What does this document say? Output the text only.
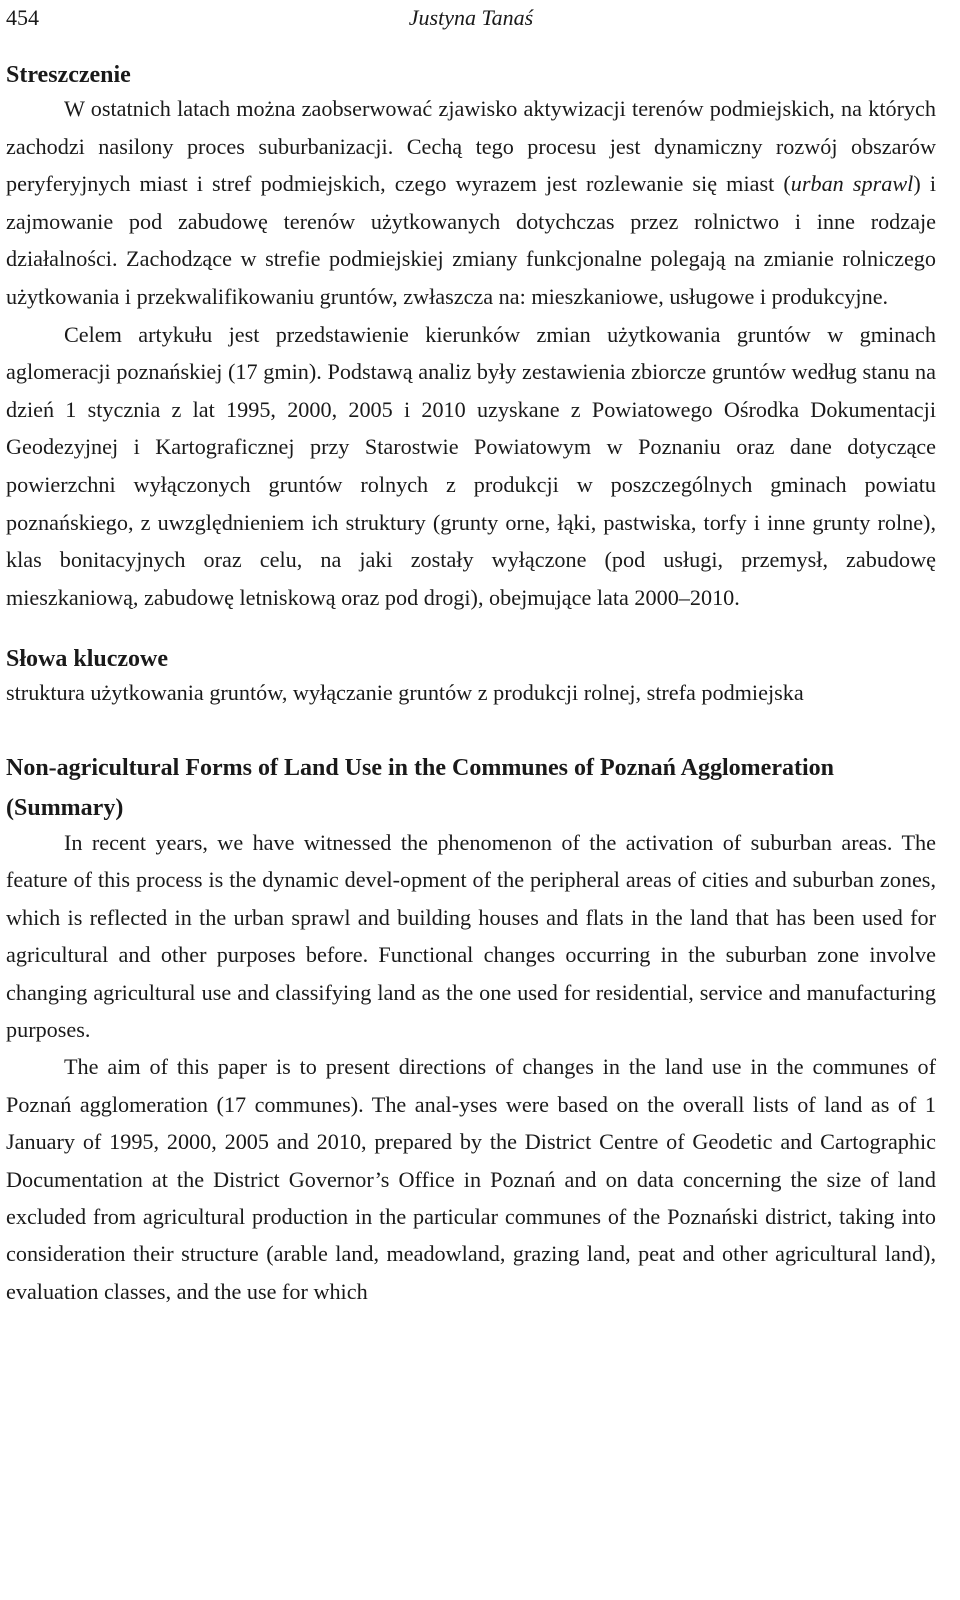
454	Justyna Tanaś
Streszczenie

W ostatnich latach można zaobserwować zjawisko aktywizacji terenów podmiejskich, na których zachodzi nasilony proces suburbanizacji. Cechą tego procesu jest dynamiczny rozwój obszarów peryferyjnych miast i stref podmiejskich, czego wyrazem jest rozlewanie się miast (urban sprawl) i zajmowanie pod zabudowę terenów użytkowanych dotychczas przez rolnictwo i inne rodzaje działalności. Zachodzące w strefie podmiejskiej zmiany funkcjonalne polegają na zmianie rolniczego użytkowania i przekwalifikowaniu gruntów, zwłaszcza na: mieszkaniowe, usługowe i produkcyjne.

Celem artykułu jest przedstawienie kierunków zmian użytkowania gruntów w gminach aglomeracji poznańskiej (17 gmin). Podstawą analiz były zestawienia zbiorcze gruntów według stanu na dzień 1 stycznia z lat 1995, 2000, 2005 i 2010 uzyskane z Powiatowego Ośrodka Dokumentacji Geodezyjnej i Kartograficznej przy Starostwie Powiatowym w Poznaniu oraz dane dotyczące powierzchni wyłączonych gruntów rolnych z produkcji w poszczególnych gminach powiatu poznańskiego, z uwzględnieniem ich struktury (grunty orne, łąki, pastwiska, torfy i inne grunty rolne), klas bonitacyjnych oraz celu, na jaki zostały wyłączone (pod usługi, przemysł, zabudowę mieszkaniową, zabudowę letniskową oraz pod drogi), obejmujące lata 2000–2010.

Słowa kluczowe

struktura użytkowania gruntów, wyłączanie gruntów z produkcji rolnej, strefa podmiejska

Non-agricultural Forms of Land Use in the Communes of Poznań Agglomeration (Summary)

In recent years, we have witnessed the phenomenon of the activation of suburban areas. The feature of this process is the dynamic devel-opment of the peripheral areas of cities and suburban zones, which is reflected in the urban sprawl and building houses and flats in the land that has been used for agricultural and other purposes before. Functional changes occurring in the suburban zone involve changing agricultural use and classifying land as the one used for residential, service and manufacturing purposes.

The aim of this paper is to present directions of changes in the land use in the communes of Poznań agglomeration (17 communes). The anal-yses were based on the overall lists of land as of 1 January of 1995, 2000, 2005 and 2010, prepared by the District Centre of Geodetic and Cartographic Documentation at the District Governor’s Office in Poznań and on data concerning the size of land excluded from agricultural production in the particular communes of the Poznański district, taking into consideration their structure (arable land, meadowland, grazing land, peat and other agricultural land), evaluation classes, and the use for which
